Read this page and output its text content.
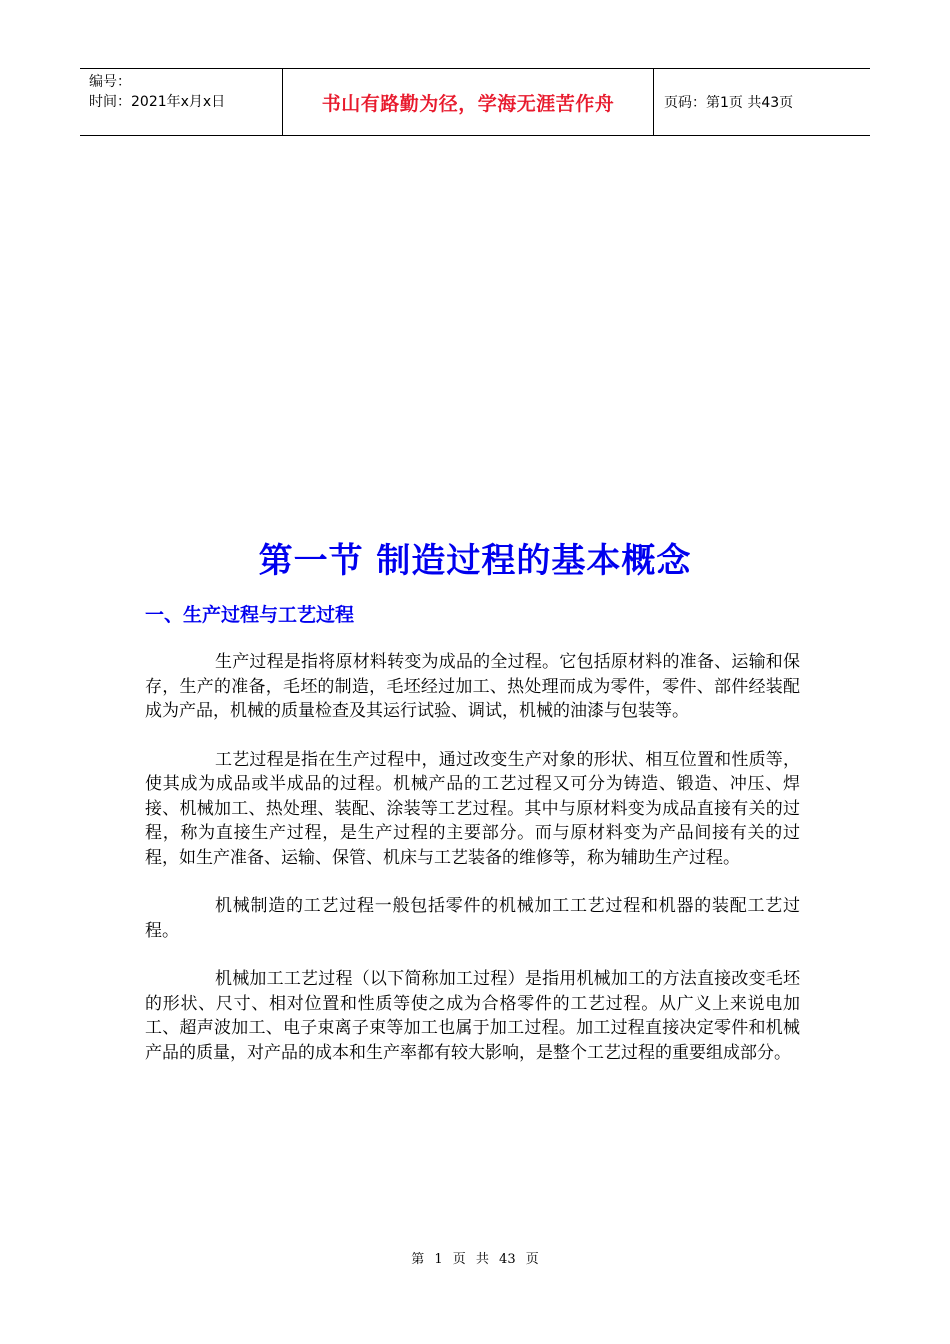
编号：
时间：2021年x月x日	书山有路勤为径，学海无涯苦作舟	页码：第1页 共43页
第一节 制造过程的基本概念
一、生产过程与工艺过程

生产过程是指将原材料转变为成品的全过程。它包括原材料的准备、运输和保存，生产的准备，毛坯的制造，毛坯经过加工、热处理而成为零件，零件、部件经装配成为产品，机械的质量检查及其运行试验、调试，机械的油漆与包装等。

工艺过程是指在生产过程中，通过改变生产对象的形状、相互位置和性质等，使其成为成品或半成品的过程。机械产品的工艺过程又可分为铸造、锻造、冲压、焊接、机械加工、热处理、装配、涂装等工艺过程。其中与原材料变为成品直接有关的过程，称为直接生产过程，是生产过程的主要部分。而与原材料变为产品间接有关的过程，如生产准备、运输、保管、机床与工艺装备的维修等，称为辅助生产过程。

机械制造的工艺过程一般包括零件的机械加工工艺过程和机器的装配工艺过程。

机械加工工艺过程（以下简称加工过程）是指用机械加工的方法直接改变毛坯的形状、尺寸、相对位置和性质等使之成为合格零件的工艺过程。从广义上来说电加工、超声波加工、电子束离子束等加工也属于加工过程。加工过程直接决定零件和机械产品的质量，对产品的成本和生产率都有较大影响，是整个工艺过程的重要组成部分。

第 1 页 共 43 页
